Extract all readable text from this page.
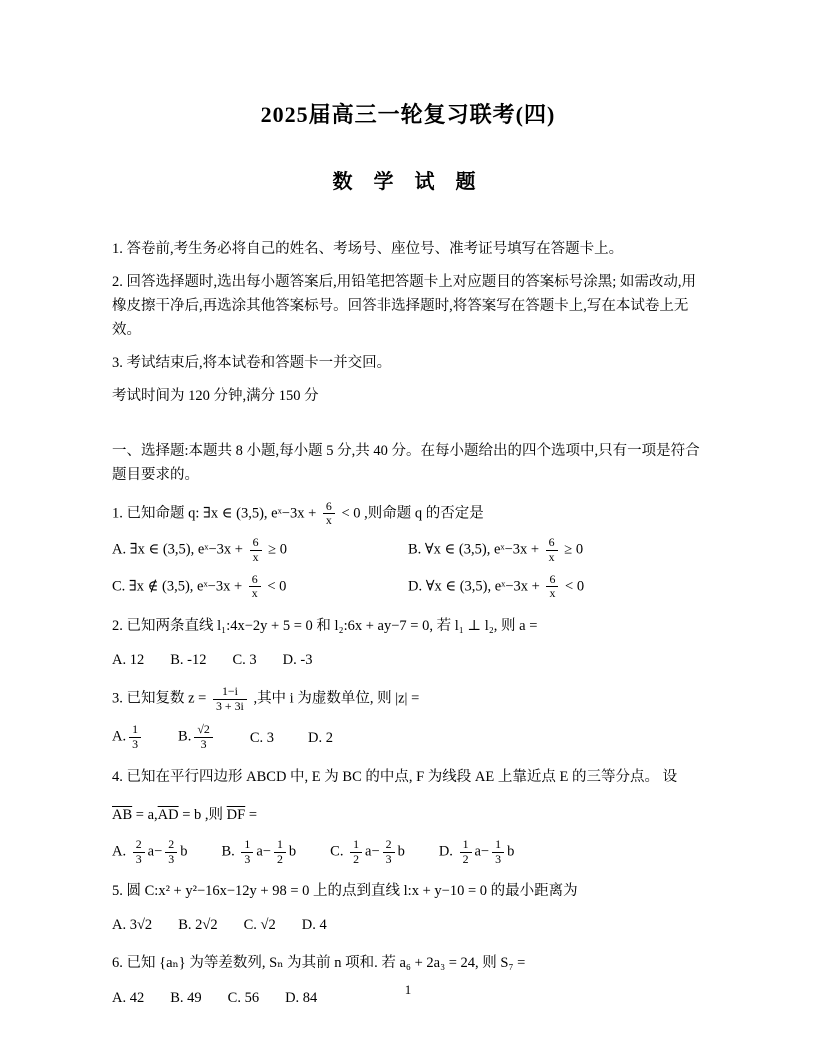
2025届高三一轮复习联考(四)
数 学 试 题

1. 答卷前,考生务必将自己的姓名、考场号、座位号、准考证号填写在答题卡上。

2. 回答选择题时,选出每小题答案后,用铅笔把答题卡上对应题目的答案标号涂黑; 如需改动,用橡皮擦干净后,再选涂其他答案标号。回答非选择题时,将答案写在答题卡上,写在本试卷上无效。

3. 考试结束后,将本试卷和答题卡一并交回。

考试时间为 120 分钟,满分 150 分

一、选择题:本题共 8 小题,每小题 5 分,共 40 分。在每小题给出的四个选项中,只有一项是符合题目要求的。

1. 已知命题 q: ∃x ∈ (3,5), eˣ−3x + $\frac{6}{x} < 0$ ,则命题 q 的否定是

A. ∃x ∈ (3,5), eˣ−3x + $\frac{6}{x} \ge 0$	B. ∀x ∈ (3,5), eˣ−3x + $\frac{6}{x} \ge 0$
C. ∃x ∉ (3,5), eˣ−3x + $\frac{6}{x} < 0$	D. ∀x ∈ (3,5), eˣ−3x + $\frac{6}{x} < 0$

2. 已知两条直线 l₁:4x−2y + 5 = 0 和 l₂:6x + ay−7 = 0, 若 l₁ ⊥ l₂, 则 a =

A. 12 B. -12 C. 3 D. -3

3. 已知复数 $z = \frac{1-i}{3 + 3i}$ ,其中 i 为虚数单位, 则 |z| =

A. $\frac{1}{3}$	B. $\frac{√2}{3}$	C. 3 D. 2

4. 已知在平行四边形 ABCD 中, E 为 BC 的中点, F 为线段 AE 上靠近点 E 的三等分点。 设

$\overline{AB} = a,\overline{AD} = b$ ,则 $\overline{DF}$ =

A. $\frac{2}{3} a- \frac{2}{3}$ b B. $\frac{1}{3} a- \frac{1}{2}$ b C. $\frac{1}{2} a- \frac{2}{3}$ b D. $\frac{1}{2} a- \frac{1}{3}$ b

5. 圆 C:x² + y²−16x−12y + 98 = 0 上的点到直线 l:x + y−10 = 0 的最小距离为

A. 3√2 B. 2√2 C. √2 D. 4

6. 已知 {aₙ} 为等差数列, Sₙ 为其前 n 项和. 若 a₆ + 2a₃ = 24, 则 S₇ =

A. 42 B. 49 C. 56 D. 84

1
